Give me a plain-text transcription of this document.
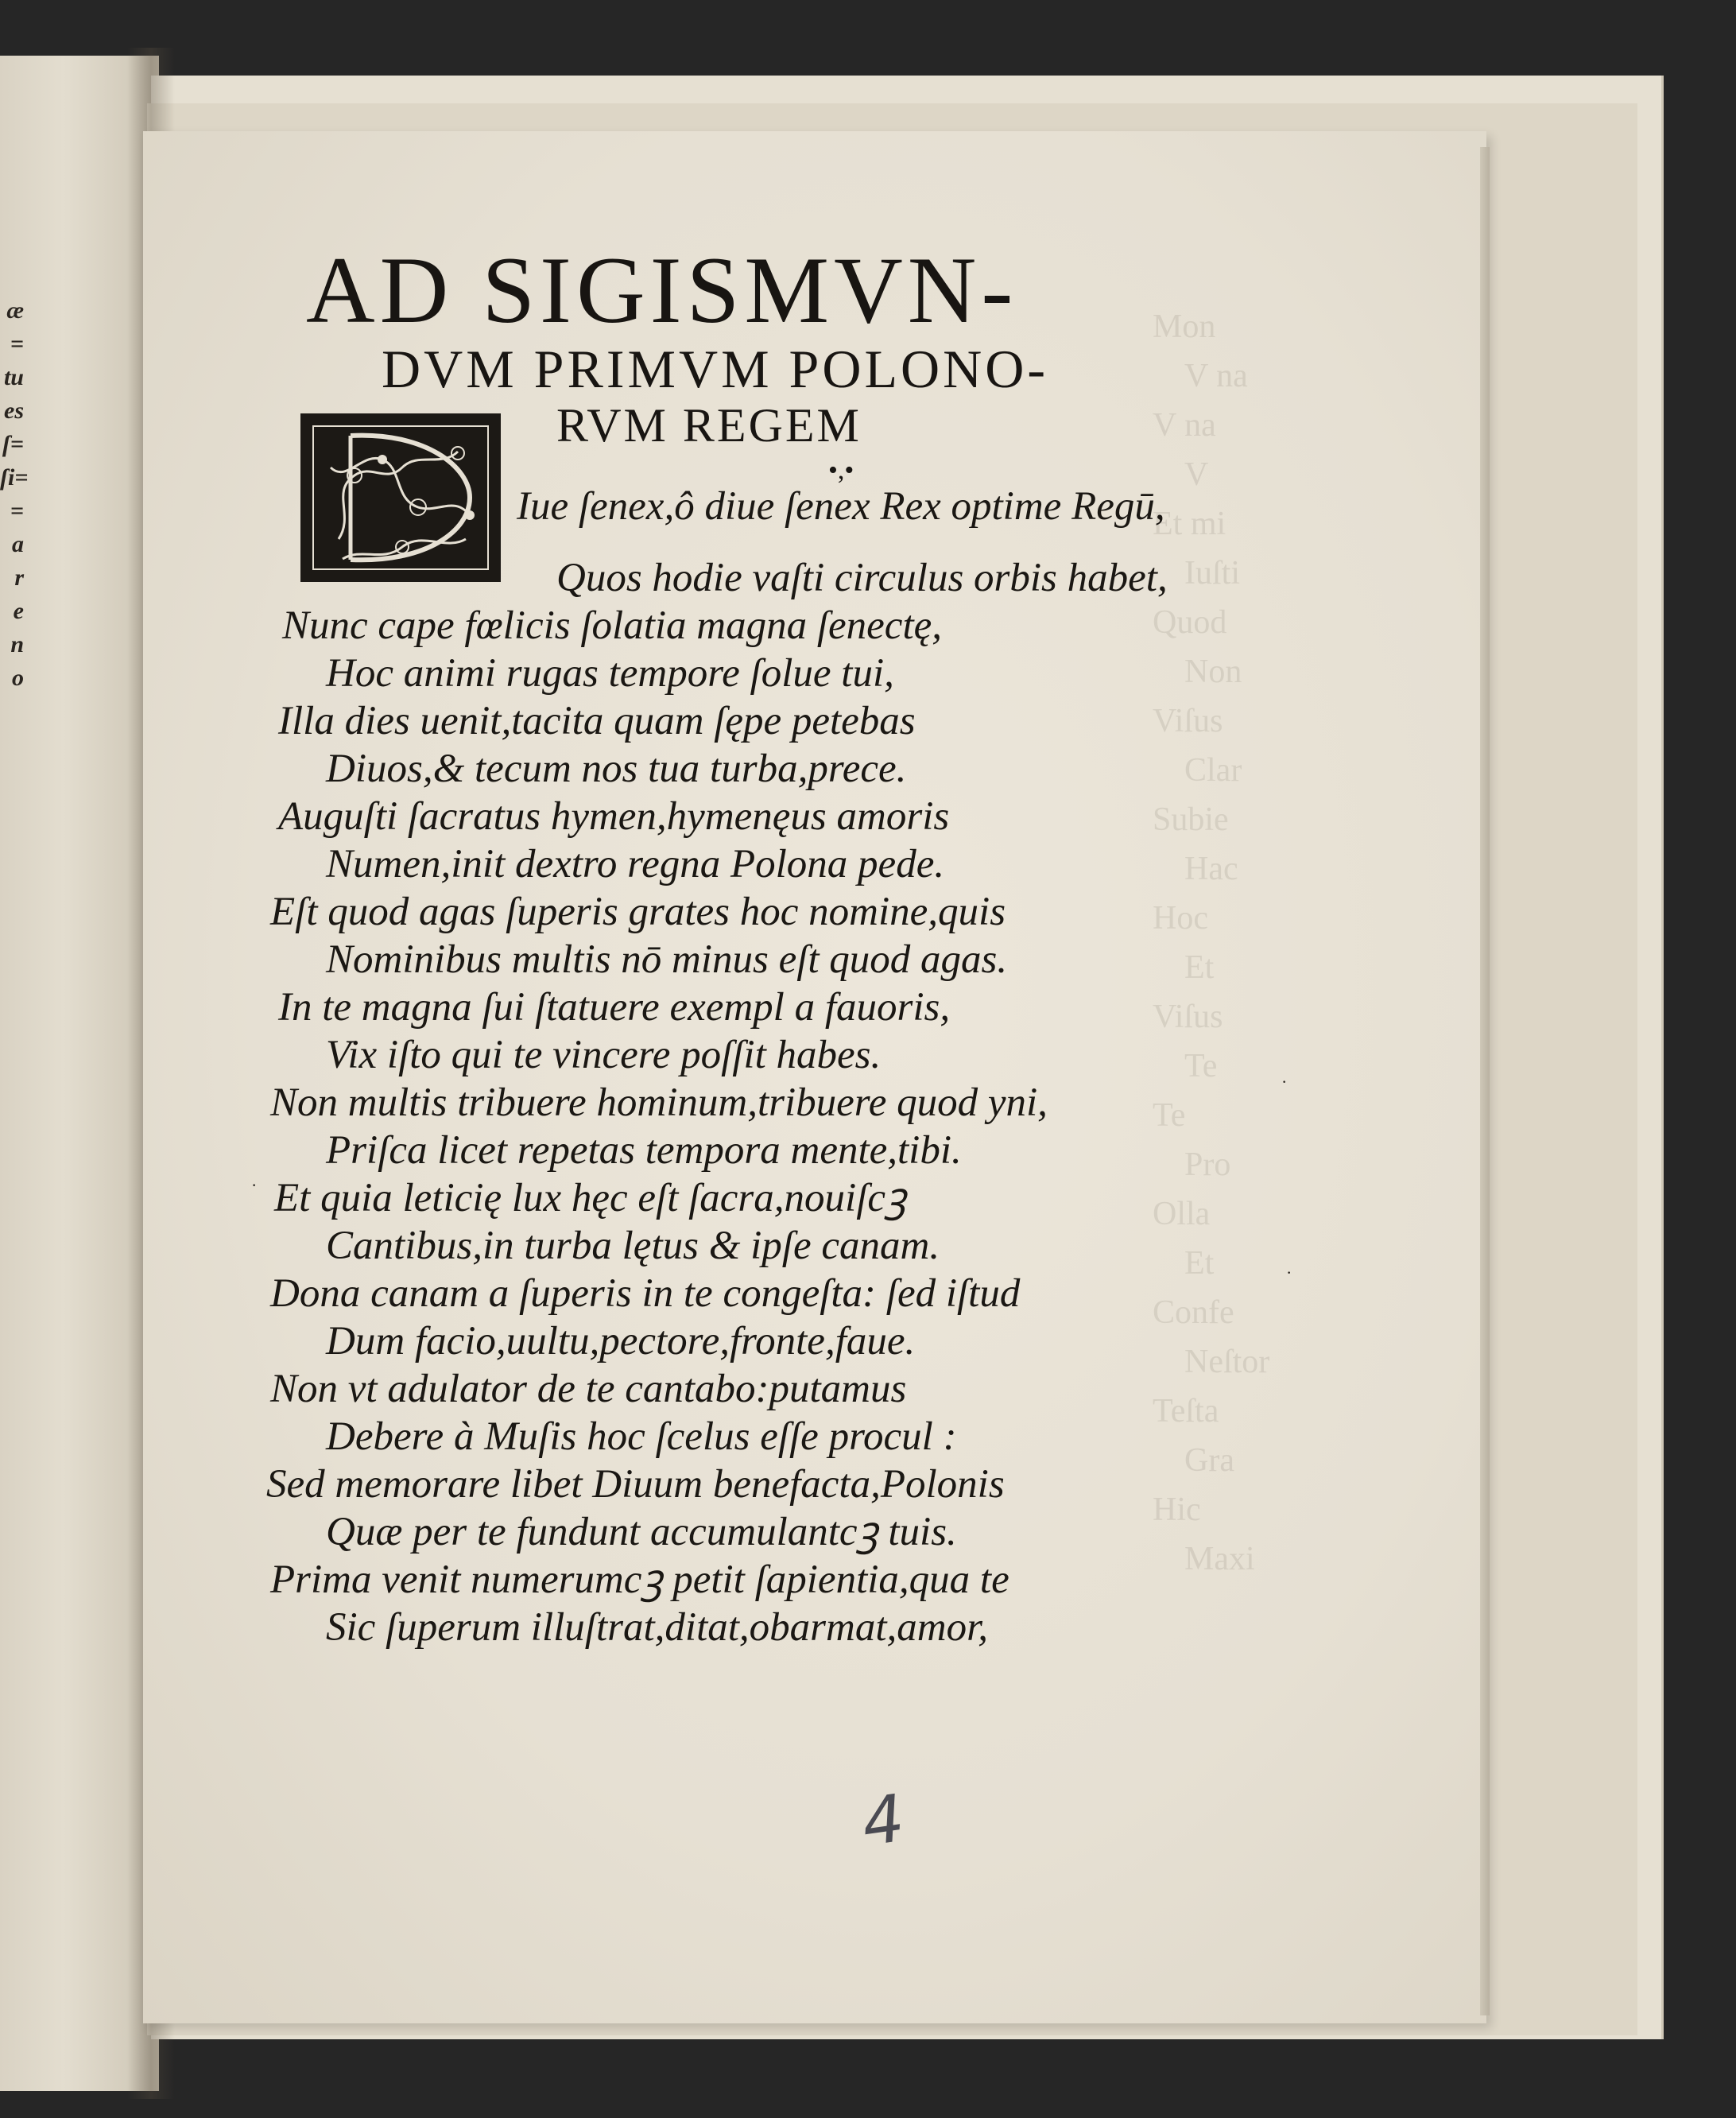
æ
=
tu
es
ſ=
ſi=
=
a
r
e
n
o
Mon
V na
V na
V
Et mi
Iuſti
Quod
Non
Viſus
Clar
Subie
Hac
Hoc
Et
Viſus
Te
Te
Pro
Olla
Et
Confe
Neſtor
Teſta
Gra
Hic
Maxi
AD SIGISMVN-
DVM PRIMVM POLONO-
RVM REGEM
•,•
Iue ſenex,ô diue ſenex Rex optime Regū,
Quos hodie vaſti circulus orbis habet,
Nunc cape fœlicis ſolatia magna ſenectę,
Hoc animi rugas tempore ſolue tui,
Illa dies uenit,tacita quam ſępe petebas
Diuos,& tecum nos tua turba,prece.
Auguſti ſacratus hymen,hymenęus amoris
Numen,init dextro regna Polona pede.
Eſt quod agas ſuperis grates hoc nomine,quis
Nominibus multis nō minus eſt quod agas.
In te magna ſui ſtatuere exempl a fauoris,
Vix iſto qui te vincere poſſit habes.
Non multis tribuere hominum,tribuere quod yni,
Priſca licet repetas tempora mente,tibi.
Et quia leticię lux hęc eſt ſacra,nouiſcꝫ
Cantibus,in turba lętus & ipſe canam.
Dona canam a ſuperis in te congeſta: ſed iſtud
Dum facio,uultu,pectore,fronte,faue.
Non vt adulator de te cantabo:putamus
Debere à Muſis hoc ſcelus eſſe procul :
Sed memorare libet Diuum benefacta,Polonis
Quæ per te fundunt accumulantcꝫ tuis.
Prima venit numerumcꝫ petit ſapientia,qua te
Sic ſuperum illuſtrat,ditat,obarmat,amor,
4
·
·
·
